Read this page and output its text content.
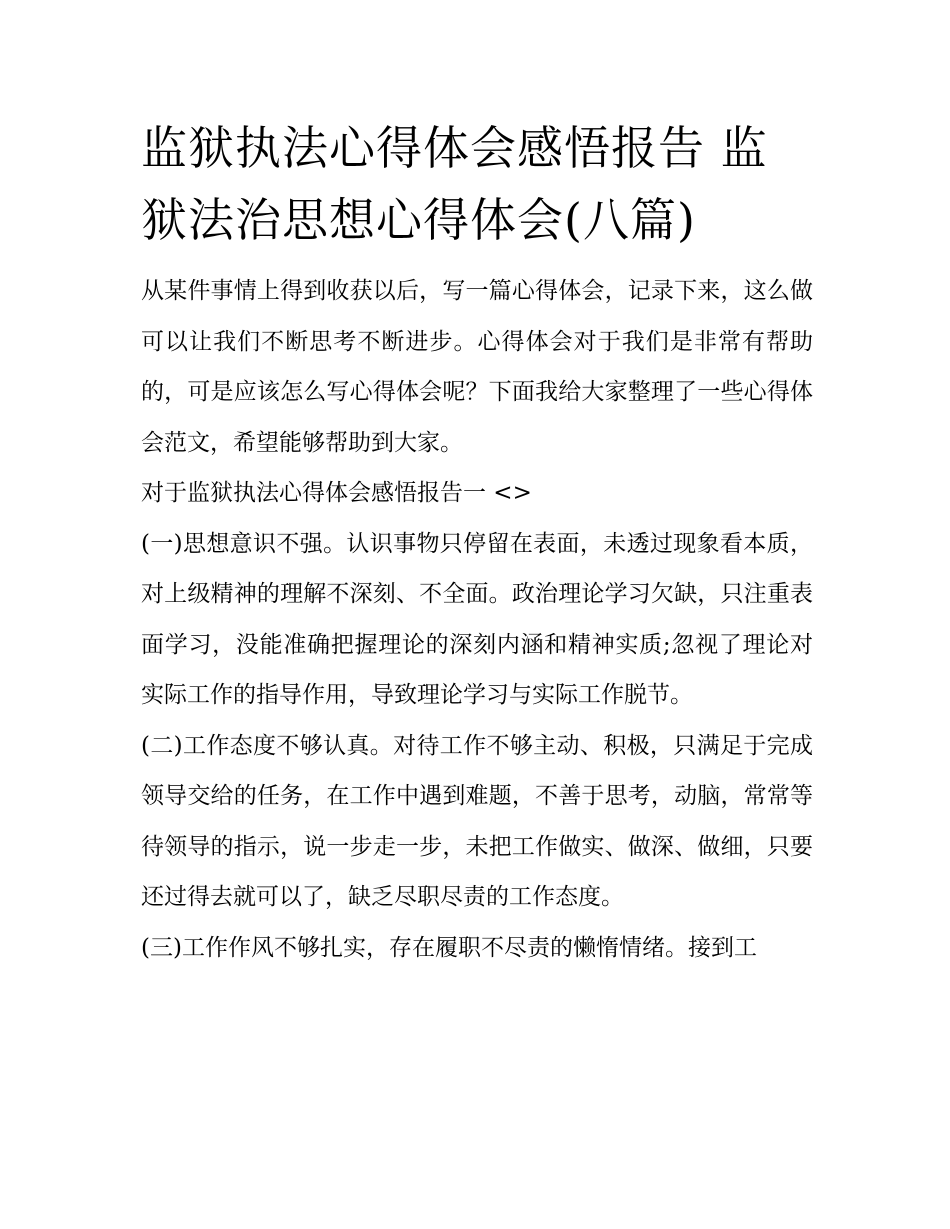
监狱执法心得体会感悟报告 监狱法治思想心得体会(八篇)

从某件事情上得到收获以后，写一篇心得体会，记录下来，这么做可以让我们不断思考不断进步。心得体会对于我们是非常有帮助的，可是应该怎么写心得体会呢？下面我给大家整理了一些心得体会范文，希望能够帮助到大家。

对于监狱执法心得体会感悟报告一 <>

(一)思想意识不强。认识事物只停留在表面，未透过现象看本质，对上级精神的理解不深刻、不全面。政治理论学习欠缺，只注重表面学习，没能准确把握理论的深刻内涵和精神实质;忽视了理论对实际工作的指导作用，导致理论学习与实际工作脱节。

(二)工作态度不够认真。对待工作不够主动、积极，只满足于完成领导交给的任务，在工作中遇到难题，不善于思考，动脑，常常等待领导的指示，说一步走一步，未把工作做实、做深、做细，只要还过得去就可以了，缺乏尽职尽责的工作态度。

(三)工作作风不够扎实，存在履职不尽责的懒惰情绪。接到工
